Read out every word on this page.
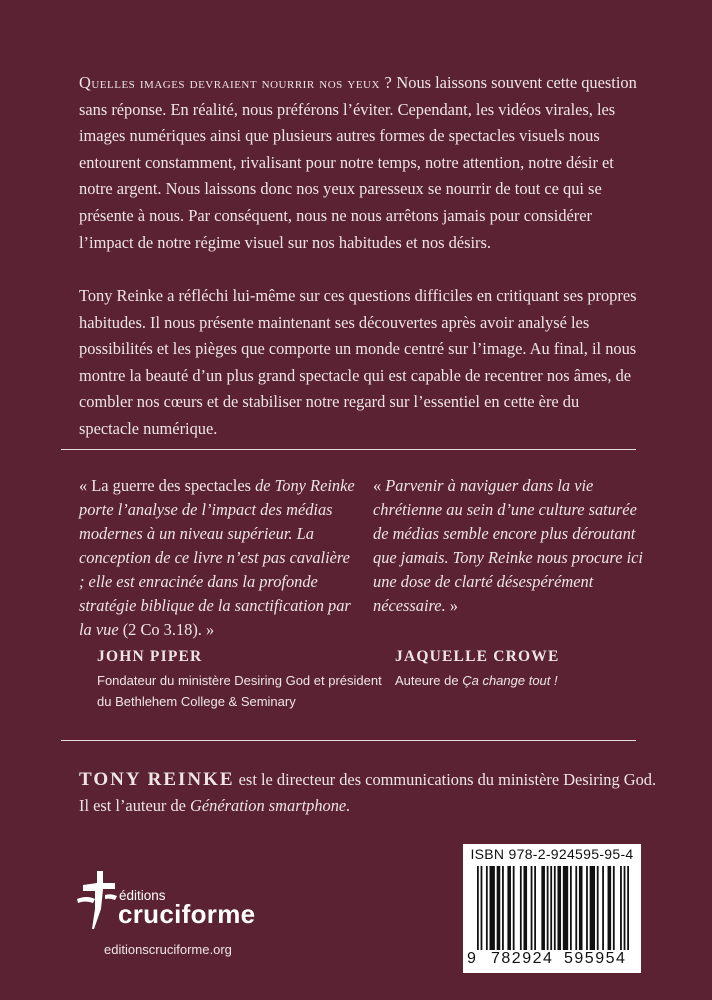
Quelles images devraient nourrir nos yeux ? Nous laissons souvent cette question sans réponse. En réalité, nous préférons l’éviter. Cependant, les vidéos virales, les images numériques ainsi que plusieurs autres formes de spectacles visuels nous entourent constamment, rivalisant pour notre temps, notre attention, notre désir et notre argent. Nous laissons donc nos yeux paresseux se nourrir de tout ce qui se présente à nous. Par conséquent, nous ne nous arrêtons jamais pour considérer l’impact de notre régime visuel sur nos habitudes et nos désirs.

Tony Reinke a réfléchi lui-même sur ces questions difficiles en critiquant ses propres habitudes. Il nous présente maintenant ses découvertes après avoir analysé les possibilités et les pièges que comporte un monde centré sur l’image. Au final, il nous montre la beauté d’un plus grand spectacle qui est capable de recentrer nos âmes, de combler nos cœurs et de stabiliser notre regard sur l’essentiel en cette ère du spectacle numérique.

« La guerre des spectacles de Tony Reinke porte l’analyse de l’impact des médias modernes à un niveau supérieur. La conception de ce livre n’est pas cavalière ; elle est enracinée dans la profonde stratégie biblique de la sanctification par la vue (2 Co 3.18). »

JOHN PIPER
Fondateur du ministère Desiring God et président
du Bethlehem College & Seminary

« Parvenir à naviguer dans la vie chrétienne au sein d’une culture saturée de médias semble encore plus déroutant que jamais. Tony Reinke nous procure ici une dose de clarté désespérément nécessaire. »

JAQUELLE CROWE
Auteure de Ça change tout !

TONY REINKE est le directeur des communications du ministère Desiring God. Il est l’auteur de Génération smartphone.

éditions
cruciforme
editionscruciforme.org
ISBN 978-2-924595-95-4
9 782924 595954
